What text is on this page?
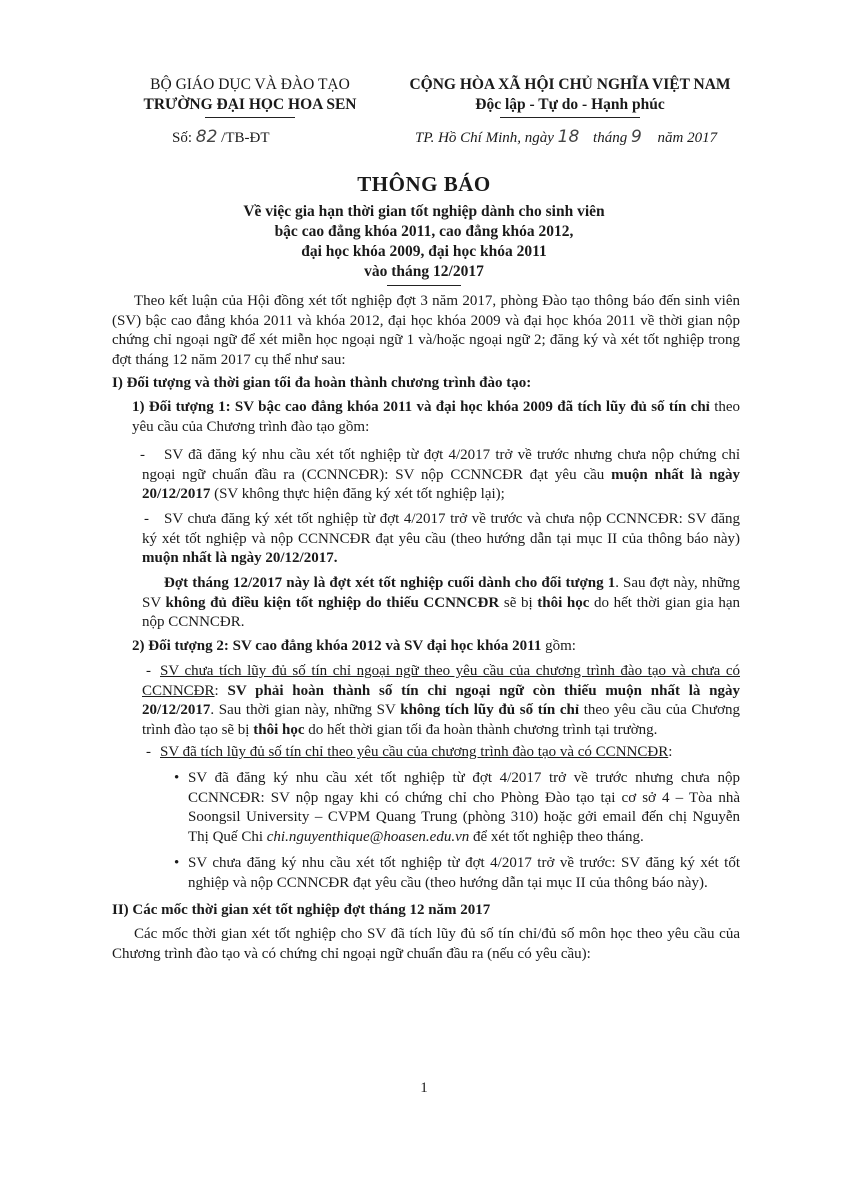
BỘ GIÁO DỤC VÀ ĐÀO TẠO
TRƯỜNG ĐẠI HỌC HOA SEN
Số: 82 /TB-ĐT
CỘNG HÒA XÃ HỘI CHỦ NGHĨA VIỆT NAM
Độc lập - Tự do - Hạnh phúc
TP. Hồ Chí Minh, ngày 18 tháng 9 năm 2017
THÔNG BÁO
Về việc gia hạn thời gian tốt nghiệp dành cho sinh viên
bậc cao đẳng khóa 2011, cao đẳng khóa 2012,
đại học khóa 2009, đại học khóa 2011
vào tháng 12/2017
Theo kết luận của Hội đồng xét tốt nghiệp đợt 3 năm 2017, phòng Đào tạo thông báo đến sinh viên (SV) bậc cao đẳng khóa 2011 và khóa 2012, đại học khóa 2009 và đại học khóa 2011 về thời gian nộp chứng chỉ ngoại ngữ để xét miễn học ngoại ngữ 1 và/hoặc ngoại ngữ 2; đăng ký và xét tốt nghiệp trong đợt tháng 12 năm 2017 cụ thể như sau:
I) Đối tượng và thời gian tối đa hoàn thành chương trình đào tạo:
1) Đối tượng 1: SV bậc cao đẳng khóa 2011 và đại học khóa 2009 đã tích lũy đủ số tín chỉ theo yêu cầu của Chương trình đào tạo gồm:
SV đã đăng ký nhu cầu xét tốt nghiệp từ đợt 4/2017 trở về trước nhưng chưa nộp chứng chỉ ngoại ngữ chuẩn đầu ra (CCNNCĐR): SV nộp CCNNCĐR đạt yêu cầu muộn nhất là ngày 20/12/2017 (SV không thực hiện đăng ký xét tốt nghiệp lại);
-
SV chưa đăng ký xét tốt nghiệp từ đợt 4/2017 trở về trước và chưa nộp CCNNCĐR: SV đăng ký xét tốt nghiệp và nộp CCNNCĐR đạt yêu cầu (theo hướng dẫn tại mục II của thông báo này) muộn nhất là ngày 20/12/2017.
-
Đợt tháng 12/2017 này là đợt xét tốt nghiệp cuối dành cho đối tượng 1. Sau đợt này, những SV không đủ điều kiện tốt nghiệp do thiếu CCNNCĐR sẽ bị thôi học do hết thời gian gia hạn nộp CCNNCĐR.
2) Đối tượng 2: SV cao đẳng khóa 2012 và SV đại học khóa 2011 gồm:
SV chưa tích lũy đủ số tín chỉ ngoại ngữ theo yêu cầu của chương trình đào tạo và chưa có CCNNCĐR: SV phải hoàn thành số tín chỉ ngoại ngữ còn thiếu muộn nhất là ngày 20/12/2017. Sau thời gian này, những SV không tích lũy đủ số tín chỉ theo yêu cầu của Chương trình đào tạo sẽ bị thôi học do hết thời gian tối đa hoàn thành chương trình tại trường.
-
SV đã tích lũy đủ số tín chỉ theo yêu cầu của chương trình đào tạo và có CCNNCĐR:
-
SV đã đăng ký nhu cầu xét tốt nghiệp từ đợt 4/2017 trở về trước nhưng chưa nộp CCNNCĐR: SV nộp ngay khi có chứng chỉ cho Phòng Đào tạo tại cơ sở 4 – Tòa nhà Soongsil University – CVPM Quang Trung (phòng 310) hoặc gởi email đến chị Nguyễn Thị Quế Chi chi.nguyenthique@hoasen.edu.vn để xét tốt nghiệp theo tháng.
•
SV chưa đăng ký nhu cầu xét tốt nghiệp từ đợt 4/2017 trở về trước: SV đăng ký xét tốt nghiệp và nộp CCNNCĐR đạt yêu cầu (theo hướng dẫn tại mục II của thông báo này).
•
II) Các mốc thời gian xét tốt nghiệp đợt tháng 12 năm 2017
Các mốc thời gian xét tốt nghiệp cho SV đã tích lũy đủ số tín chỉ/đủ số môn học theo yêu cầu của Chương trình đào tạo và có chứng chỉ ngoại ngữ chuẩn đầu ra (nếu có yêu cầu):
1
